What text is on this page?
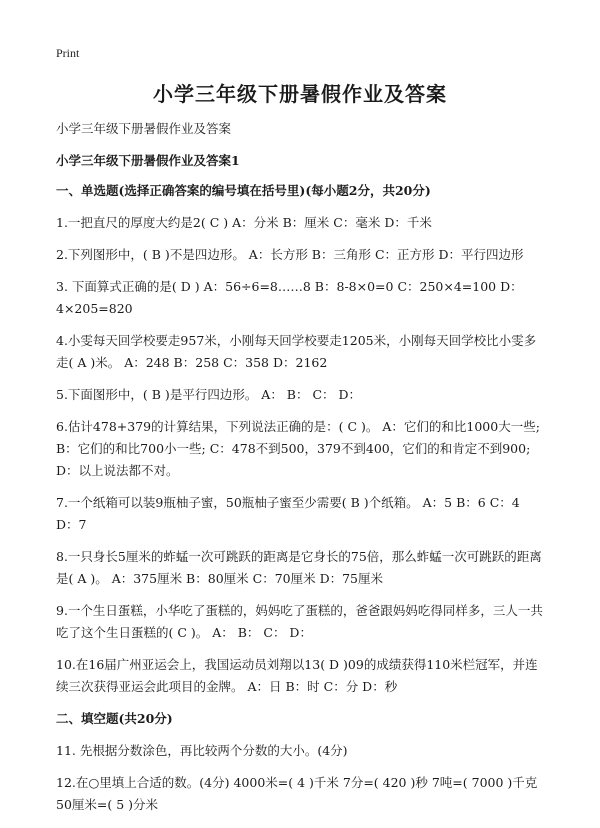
Print
小学三年级下册暑假作业及答案

小学三年级下册暑假作业及答案

小学三年级下册暑假作业及答案1

一、单选题(选择正确答案的编号填在括号里)(每小题2分，共20分)

1.一把直尺的厚度大约是2( C ) A：分米 B：厘米 C：毫米 D：千米

2.下列图形中，( B )不是四边形。 A：长方形 B：三角形 C：正方形 D：平行四边形

3. 下面算式正确的是( D ) A：56÷6=8……8 B：8-8×0=0 C：250×4=100 D：4×205=820

4.小雯每天回学校要走957米，小刚每天回学校要走1205米，小刚每天回学校比小雯多走( A )米。 A：248 B：258 C：358 D：2162

5.下面图形中，( B )是平行四边形。 A： B： C： D：

6.估计478+379的计算结果，下列说法正确的是：( C )。 A：它们的和比1000大一些; B：它们的和比700小一些; C：478不到500，379不到400，它们的和肯定不到900; D：以上说法都不对。

7.一个纸箱可以装9瓶柚子蜜，50瓶柚子蜜至少需要( B )个纸箱。 A：5 B：6 C：4 D：7

8.一只身长5厘米的蚱蜢一次可跳跃的距离是它身长的75倍，那么蚱蜢一次可跳跃的距离是( A )。 A：375厘米 B：80厘米 C：70厘米 D：75厘米

9.一个生日蛋糕，小华吃了蛋糕的，妈妈吃了蛋糕的，爸爸跟妈妈吃得同样多，三人一共吃了这个生日蛋糕的( C )。 A： B： C： D：

10.在16届广州亚运会上，我国运动员刘翔以13( D )09的成绩获得110米栏冠军，并连续三次获得亚运会此项目的金牌。 A：日 B：时 C：分 D：秒

二、填空题(共20分)

11. 先根据分数涂色，再比较两个分数的大小。(4分)

12.在○里填上合适的数。(4分) 4000米=( 4 )千米 7分=( 420 )秒 7吨=( 7000 )千克 50厘米=( 5 )分米
